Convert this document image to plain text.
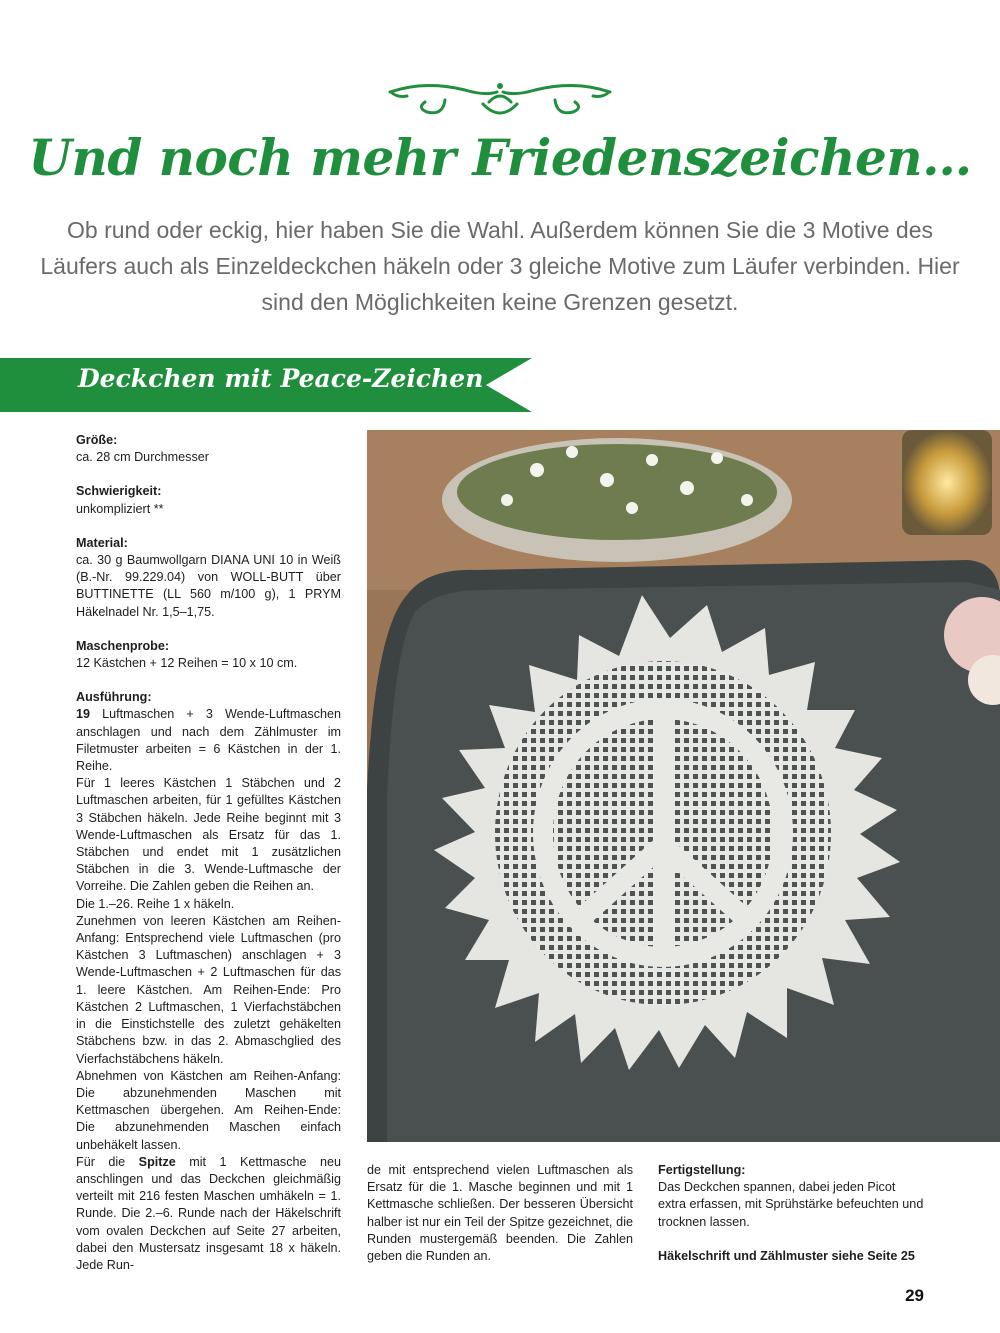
Und noch mehr Friedenszeichen…

Ob rund oder eckig, hier haben Sie die Wahl. Außerdem können Sie die 3 Motive des Läufers auch als Einzeldeckchen häkeln oder 3 gleiche Motive zum Läufer verbinden. Hier sind den Möglichkeiten keine Grenzen gesetzt.

Deckchen mit Peace-Zeichen

Größe:
ca. 28 cm Durchmesser

Schwierigkeit:
unkompliziert **

Material:
ca. 30 g Baumwollgarn DIANA UNI 10 in Weiß (B.-Nr. 99.229.04) von WOLL-BUTT über BUTTINETTE (LL 560 m/100 g), 1 PRYM Häkelnadel Nr. 1,5–1,75.

Maschenprobe:
12 Kästchen + 12 Reihen = 10 x 10 cm.

Ausführung:
19 Luftmaschen + 3 Wende-Luftmaschen anschlagen und nach dem Zählmuster im Filetmuster arbeiten = 6 Kästchen in der 1. Reihe.

Für 1 leeres Kästchen 1 Stäbchen und 2 Luftmaschen arbeiten, für 1 gefülltes Kästchen 3 Stäbchen häkeln. Jede Reihe beginnt mit 3 Wende-Luftmaschen als Ersatz für das 1. Stäbchen und endet mit 1 zusätzlichen Stäbchen in die 3. Wende-Luftmasche der Vorreihe. Die Zahlen geben die Reihen an.

Die 1.–26. Reihe 1 x häkeln.

Zunehmen von leeren Kästchen am Reihen-Anfang: Entsprechend viele Luftmaschen (pro Kästchen 3 Luftmaschen) anschlagen + 3 Wende-Luftmaschen + 2 Luftmaschen für das 1. leere Kästchen. Am Reihen-Ende: Pro Kästchen 2 Luftmaschen, 1 Vierfachstäbchen in die Einstichstelle des zuletzt gehäkelten Stäbchens bzw. in das 2. Abmaschglied des Vierfachstäbchens häkeln.

Abnehmen von Kästchen am Reihen-Anfang: Die abzunehmenden Maschen mit Kettmaschen übergehen. Am Reihen-Ende: Die abzunehmenden Maschen einfach unbehäkelt lassen.

Für die Spitze mit 1 Kettmasche neu anschlingen und das Deckchen gleichmäßig verteilt mit 216 festen Maschen umhäkeln = 1. Runde. Die 2.–6. Runde nach der Häkelschrift vom ovalen Deckchen auf Seite 27 arbeiten, dabei den Mustersatz insgesamt 18 x häkeln. Jede Run-

de mit entsprechend vielen Luftmaschen als Ersatz für die 1. Masche beginnen und mit 1 Kettmasche schließen. Der besseren Übersicht halber ist nur ein Teil der Spitze gezeichnet, die Runden mustergemäß beenden. Die Zahlen geben die Runden an.

Fertigstellung:
Das Deckchen spannen, dabei jeden Picot extra erfassen, mit Sprühstärke befeuchten und trocknen lassen.

Häkelschrift und Zählmuster siehe Seite 25

29
